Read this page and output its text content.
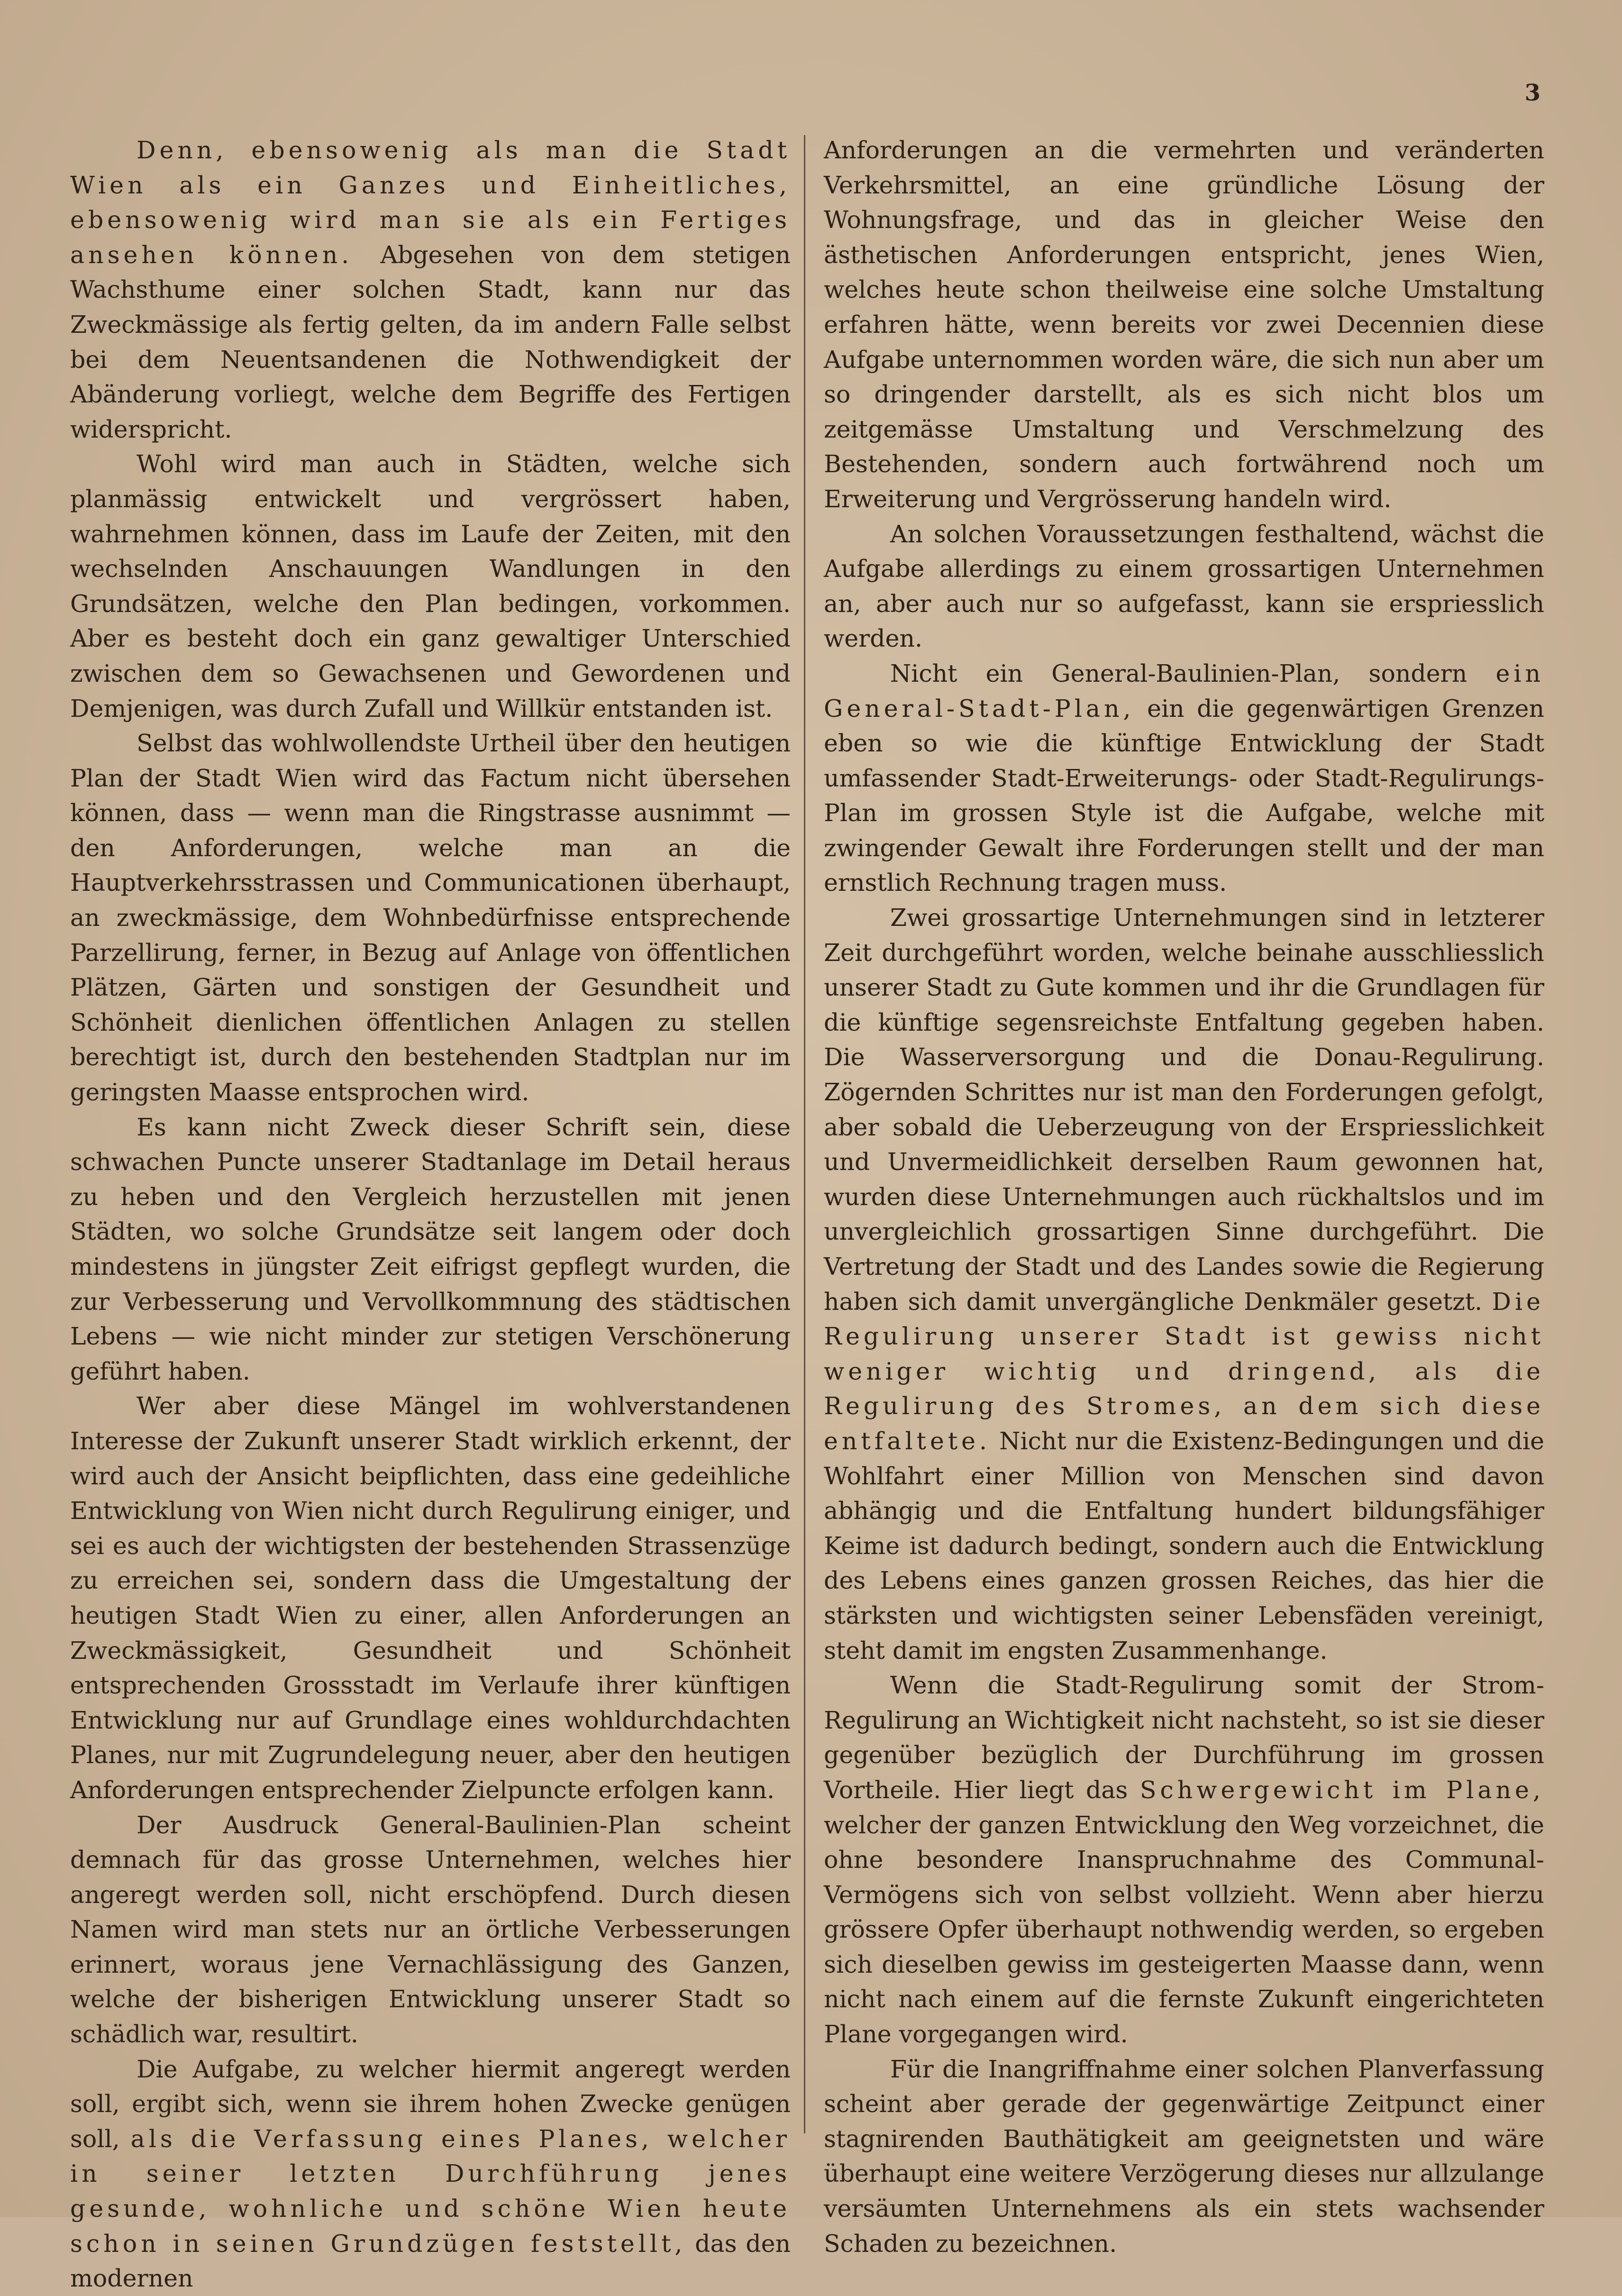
3

Denn, ebensowenig als man die Stadt Wien als ein Ganzes und Einheitliches, ebensowenig wird man sie als ein Fertiges ansehen können. Abgesehen von dem stetigen Wachsthume einer solchen Stadt, kann nur das Zweckmässige als fertig gelten, da im andern Falle selbst bei dem Neuentsandenen die Nothwendigkeit der Abänderung vorliegt, welche dem Begriffe des Fertigen widerspricht.

Wohl wird man auch in Städten, welche sich planmässig entwickelt und vergrössert haben, wahrnehmen können, dass im Laufe der Zeiten, mit den wechselnden Anschauungen Wandlungen in den Grundsätzen, welche den Plan bedingen, vorkommen. Aber es besteht doch ein ganz gewaltiger Unterschied zwischen dem so Gewachsenen und Gewordenen und Demjenigen, was durch Zufall und Willkür entstanden ist.

Selbst das wohlwollendste Urtheil über den heutigen Plan der Stadt Wien wird das Factum nicht übersehen können, dass — wenn man die Ringstrasse ausnimmt — den Anforderungen, welche man an die Hauptverkehrsstrassen und Communicationen überhaupt, an zweckmässige, dem Wohnbedürfnisse entsprechende Parzellirung, ferner, in Bezug auf Anlage von öffentlichen Plätzen, Gärten und sonstigen der Gesundheit und Schönheit dienlichen öffentlichen Anlagen zu stellen berechtigt ist, durch den bestehenden Stadtplan nur im geringsten Maasse entsprochen wird.

Es kann nicht Zweck dieser Schrift sein, diese schwachen Puncte unserer Stadtanlage im Detail heraus zu heben und den Vergleich herzustellen mit jenen Städten, wo solche Grundsätze seit langem oder doch mindestens in jüngster Zeit eifrigst gepflegt wurden, die zur Verbesserung und Vervollkommnung des städtischen Lebens — wie nicht minder zur stetigen Verschönerung geführt haben.

Wer aber diese Mängel im wohlverstandenen Interesse der Zukunft unserer Stadt wirklich erkennt, der wird auch der Ansicht beipflichten, dass eine gedeihliche Entwicklung von Wien nicht durch Regulirung einiger, und sei es auch der wichtigsten der bestehenden Strassenzüge zu erreichen sei, sondern dass die Umgestaltung der heutigen Stadt Wien zu einer, allen Anforderungen an Zweckmässigkeit, Gesundheit und Schönheit entsprechenden Grossstadt im Verlaufe ihrer künftigen Entwicklung nur auf Grundlage eines wohldurchdachten Planes, nur mit Zugrundelegung neuer, aber den heutigen Anforderungen entsprechender Zielpuncte erfolgen kann.

Der Ausdruck General-Baulinien-Plan scheint demnach für das grosse Unternehmen, welches hier angeregt werden soll, nicht erschöpfend. Durch diesen Namen wird man stets nur an örtliche Verbesserungen erinnert, woraus jene Vernachlässigung des Ganzen, welche der bisherigen Entwicklung unserer Stadt so schädlich war, resultirt.

Die Aufgabe, zu welcher hiermit angeregt werden soll, ergibt sich, wenn sie ihrem hohen Zwecke genügen soll, als die Verfassung eines Planes, welcher in seiner letzten Durchführung jenes gesunde, wohnliche und schöne Wien heute schon in seinen Grundzügen feststellt, das den modernen

Anforderungen an die vermehrten und veränderten Verkehrsmittel, an eine gründliche Lösung der Wohnungsfrage, und das in gleicher Weise den ästhetischen Anforderungen entspricht, jenes Wien, welches heute schon theilweise eine solche Umstaltung erfahren hätte, wenn bereits vor zwei Decennien diese Aufgabe unternommen worden wäre, die sich nun aber um so dringender darstellt, als es sich nicht blos um zeitgemässe Umstaltung und Verschmelzung des Bestehenden, sondern auch fortwährend noch um Erweiterung und Vergrösserung handeln wird.

An solchen Voraussetzungen festhaltend, wächst die Aufgabe allerdings zu einem grossartigen Unternehmen an, aber auch nur so aufgefasst, kann sie erspriesslich werden.

Nicht ein General-Baulinien-Plan, sondern ein General-Stadt-Plan, ein die gegenwärtigen Grenzen eben so wie die künftige Entwicklung der Stadt umfassender Stadt-Erweiterungs- oder Stadt-Regulirungs-Plan im grossen Style ist die Aufgabe, welche mit zwingender Gewalt ihre Forderungen stellt und der man ernstlich Rechnung tragen muss.

Zwei grossartige Unternehmungen sind in letzterer Zeit durchgeführt worden, welche beinahe ausschliesslich unserer Stadt zu Gute kommen und ihr die Grundlagen für die künftige segensreichste Entfaltung gegeben haben. Die Wasserversorgung und die Donau-Regulirung. Zögernden Schrittes nur ist man den Forderungen gefolgt, aber sobald die Ueberzeugung von der Erspriesslichkeit und Unvermeidlichkeit derselben Raum gewonnen hat, wurden diese Unternehmungen auch rückhaltslos und im unvergleichlich grossartigen Sinne durchgeführt. Die Vertretung der Stadt und des Landes sowie die Regierung haben sich damit unvergängliche Denkmäler gesetzt. Die Regulirung unserer Stadt ist gewiss nicht weniger wichtig und dringend, als die Regulirung des Stromes, an dem sich diese entfaltete. Nicht nur die Existenz-Bedingungen und die Wohlfahrt einer Million von Menschen sind davon abhängig und die Entfaltung hundert bildungsfähiger Keime ist dadurch bedingt, sondern auch die Entwicklung des Lebens eines ganzen grossen Reiches, das hier die stärksten und wichtigsten seiner Lebensfäden vereinigt, steht damit im engsten Zusammenhange.

Wenn die Stadt-Regulirung somit der Strom-Regulirung an Wichtigkeit nicht nachsteht, so ist sie dieser gegenüber bezüglich der Durchführung im grossen Vortheile. Hier liegt das Schwergewicht im Plane, welcher der ganzen Entwicklung den Weg vorzeichnet, die ohne besondere Inanspruchnahme des Communal-Vermögens sich von selbst vollzieht. Wenn aber hierzu grössere Opfer überhaupt nothwendig werden, so ergeben sich dieselben gewiss im gesteigerten Maasse dann, wenn nicht nach einem auf die fernste Zukunft eingerichteten Plane vorgegangen wird.

Für die Inangriffnahme einer solchen Planverfassung scheint aber gerade der gegenwärtige Zeitpunct einer stagnirenden Bauthätigkeit am geeignetsten und wäre überhaupt eine weitere Verzögerung dieses nur allzulange versäumten Unternehmens als ein stets wachsender Schaden zu bezeichnen.
